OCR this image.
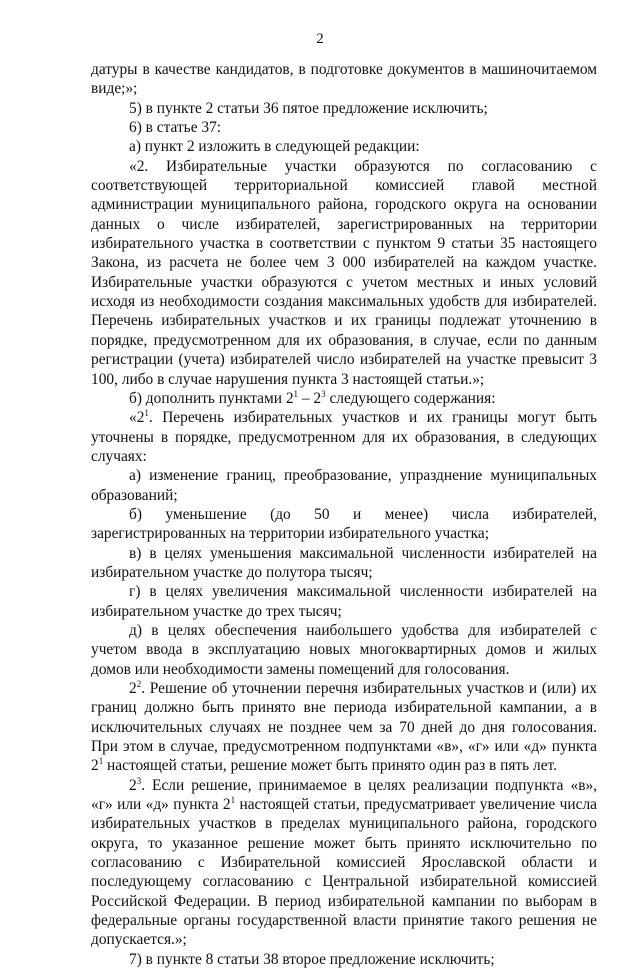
2

датуры в качестве кандидатов, в подготовке документов в машиночитаемом виде;»;

5) в пункте 2 статьи 36 пятое предложение исключить;

6) в статье 37:

а) пункт 2 изложить в следующей редакции:

«2. Избирательные участки образуются по согласованию с соответствующей территориальной комиссией главой местной администрации муниципального района, городского округа на основании данных о числе избирателей, зарегистрированных на территории избирательного участка в соответствии с пунктом 9 статьи 35 настоящего Закона, из расчета не более чем 3 000 избирателей на каждом участке. Избирательные участки образуются с учетом местных и иных условий исходя из необходимости создания максимальных удобств для избирателей. Перечень избирательных участков и их границы подлежат уточнению в порядке, предусмотренном для их образования, в случае, если по данным регистрации (учета) избирателей число избирателей на участке превысит 3 100, либо в случае нарушения пункта 3 настоящей статьи.»;

б) дополнить пунктами $2^1 - 2^3$ следующего содержания:

«$2^1$. Перечень избирательных участков и их границы могут быть уточнены в порядке, предусмотренном для их образования, в следующих случаях:

а) изменение границ, преобразование, упразднение муниципальных образований;

б) уменьшение (до 50 и менее) числа избирателей, зарегистрированных на территории избирательного участка;

в) в целях уменьшения максимальной численности избирателей на избирательном участке до полутора тысяч;

г) в целях увеличения максимальной численности избирателей на избирательном участке до трех тысяч;

д) в целях обеспечения наибольшего удобства для избирателей с учетом ввода в эксплуатацию новых многоквартирных домов и жилых домов или необходимости замены помещений для голосования.

$2^2$. Решение об уточнении перечня избирательных участков и (или) их границ должно быть принято вне периода избирательной кампании, а в исключительных случаях не позднее чем за 70 дней до дня голосования. При этом в случае, предусмотренном подпунктами «в», «г» или «д» пункта $2^1$ настоящей статьи, решение может быть принято один раз в пять лет.

$2^3$. Если решение, принимаемое в целях реализации подпункта «в», «г» или «д» пункта $2^1$ настоящей статьи, предусматривает увеличение числа избирательных участков в пределах муниципального района, городского округа, то указанное решение может быть принято исключительно по согласованию с Избирательной комиссией Ярославской области и последующему согласованию с Центральной избирательной комиссией Российской Федерации. В период избирательной кампании по выборам в федеральные органы государственной власти принятие такого решения не допускается.»;

7) в пункте 8 статьи 38 второе предложение исключить;
